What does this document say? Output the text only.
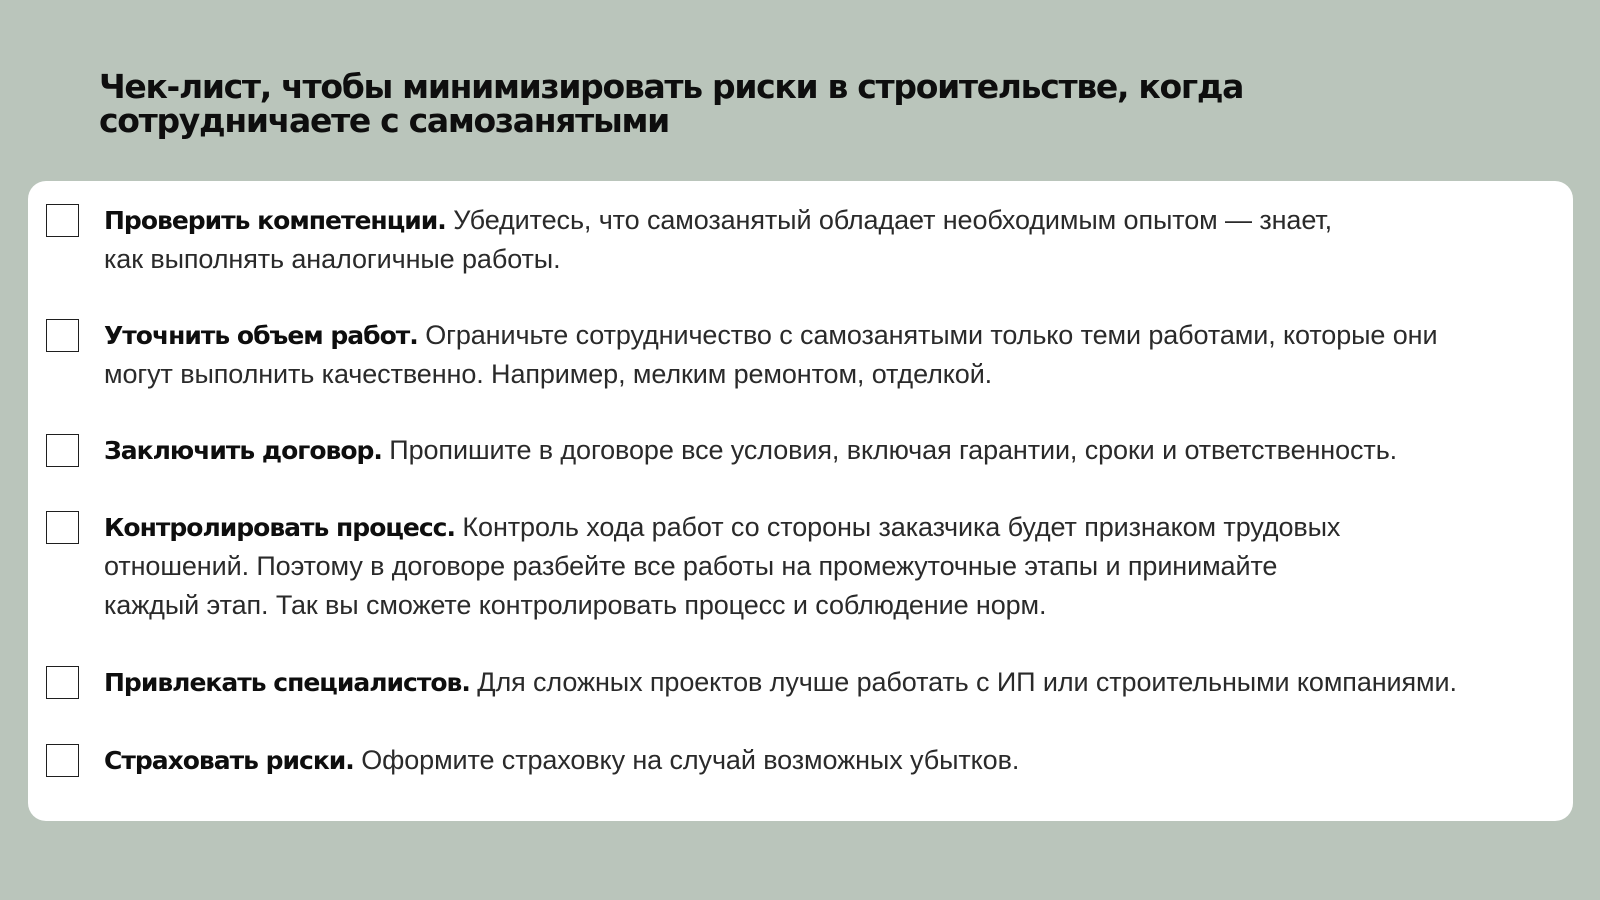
Чек-лист, чтобы минимизировать риски в строительстве, когда
сотрудничаете с самозанятыми

Проверить компетенции. Убедитесь, что самозанятый обладает необходимым опытом — знает,
как выполнять аналогичные работы.

Уточнить объем работ. Ограничьте сотрудничество с самозанятыми только теми работами, которые они
могут выполнить качественно. Например, мелким ремонтом, отделкой.

Заключить договор. Пропишите в договоре все условия, включая гарантии, сроки и ответственность.

Контролировать процесс. Контроль хода работ со стороны заказчика будет признаком трудовых
отношений. Поэтому в договоре разбейте все работы на промежуточные этапы и принимайте
каждый этап. Так вы сможете контролировать процесс и соблюдение норм.

Привлекать специалистов. Для сложных проектов лучше работать с ИП или строительными компаниями.

Страховать риски. Оформите страховку на случай возможных убытков.
